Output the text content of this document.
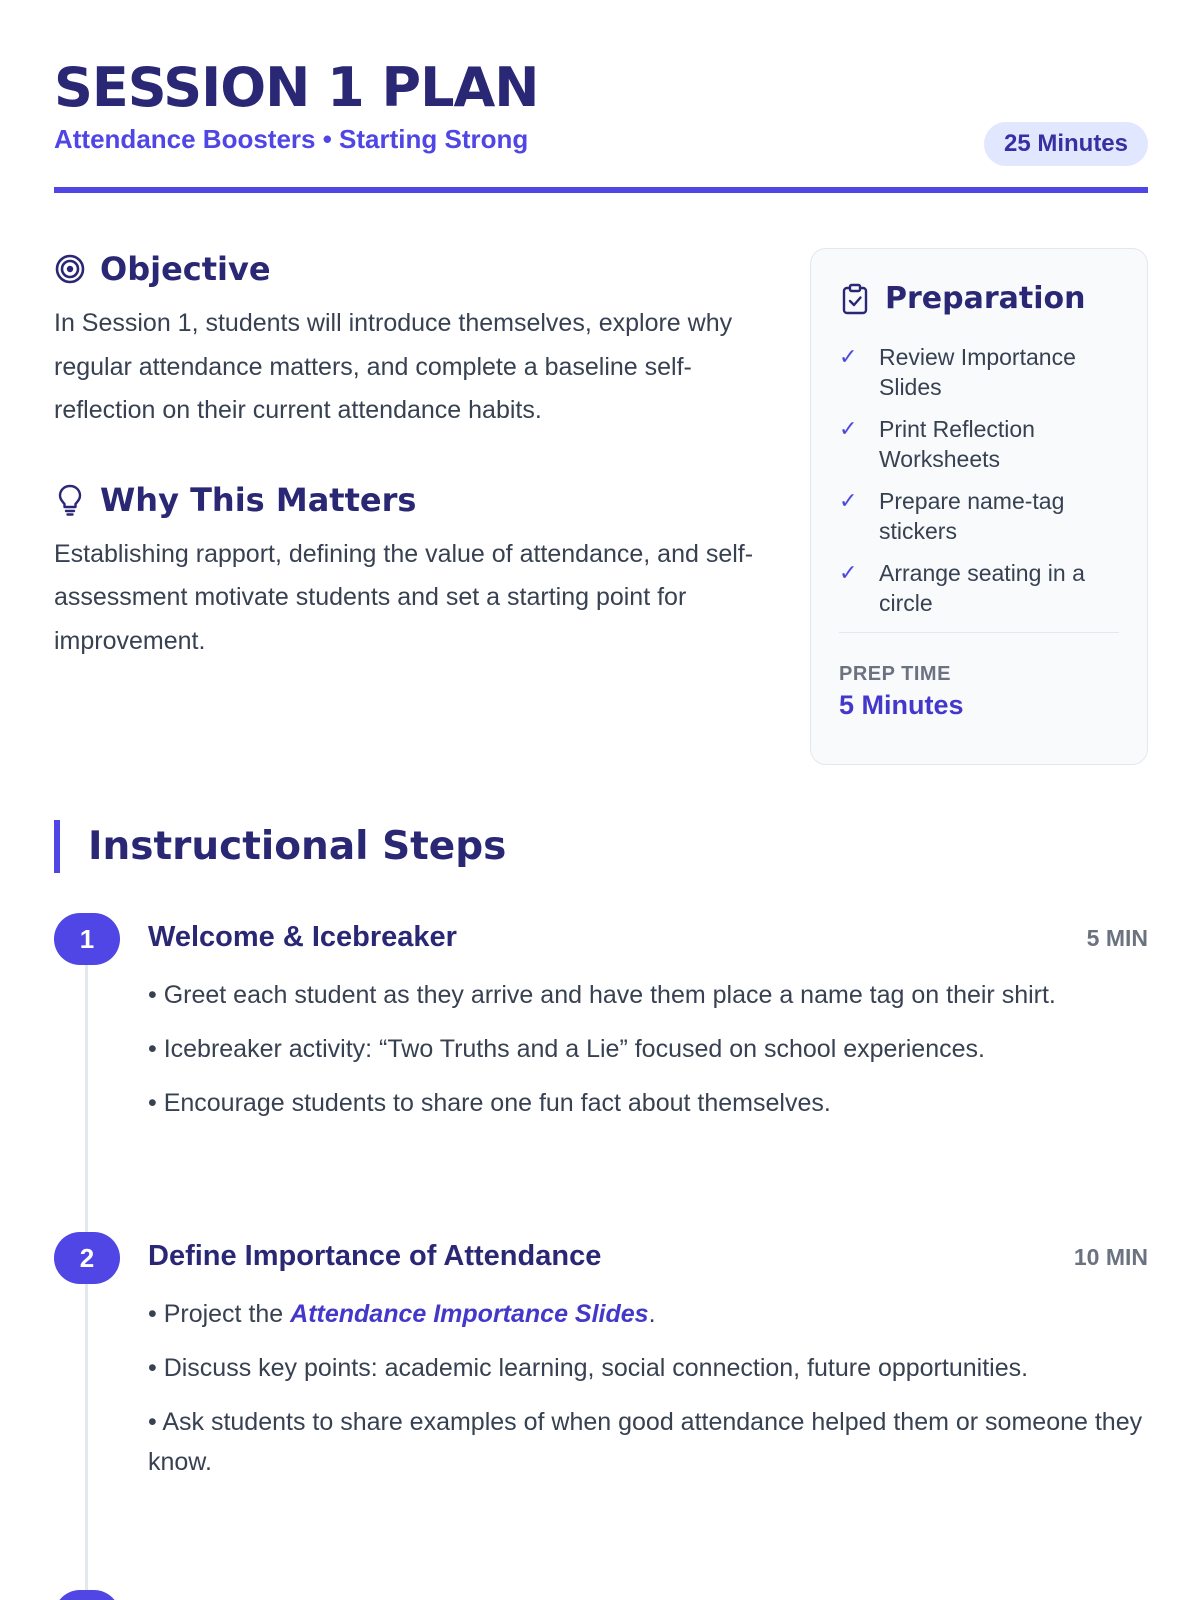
SESSION 1 PLAN
Attendance Boosters • Starting Strong	25 Minutes
Objective

In Session 1, students will introduce themselves, explore why regular attendance matters, and complete a baseline self-reflection on their current attendance habits.

Why This Matters

Establishing rapport, defining the value of attendance, and self-assessment motivate students and set a starting point for improvement.

Preparation
✓ Review Importance Slides
✓ Print Reflection Worksheets
✓ Prepare name-tag stickers
✓ Arrange seating in a circle
PREP TIME
5 Minutes
Instructional Steps
1	Welcome & Icebreaker	5 MIN
• Greet each student as they arrive and have them place a name tag on their shirt.
• Icebreaker activity: “Two Truths and a Lie” focused on school experiences.
• Encourage students to share one fun fact about themselves.
2	Define Importance of Attendance	10 MIN
• Project the Attendance Importance Slides.
• Discuss key points: academic learning, social connection, future opportunities.
• Ask students to share examples of when good attendance helped them or someone they know.
